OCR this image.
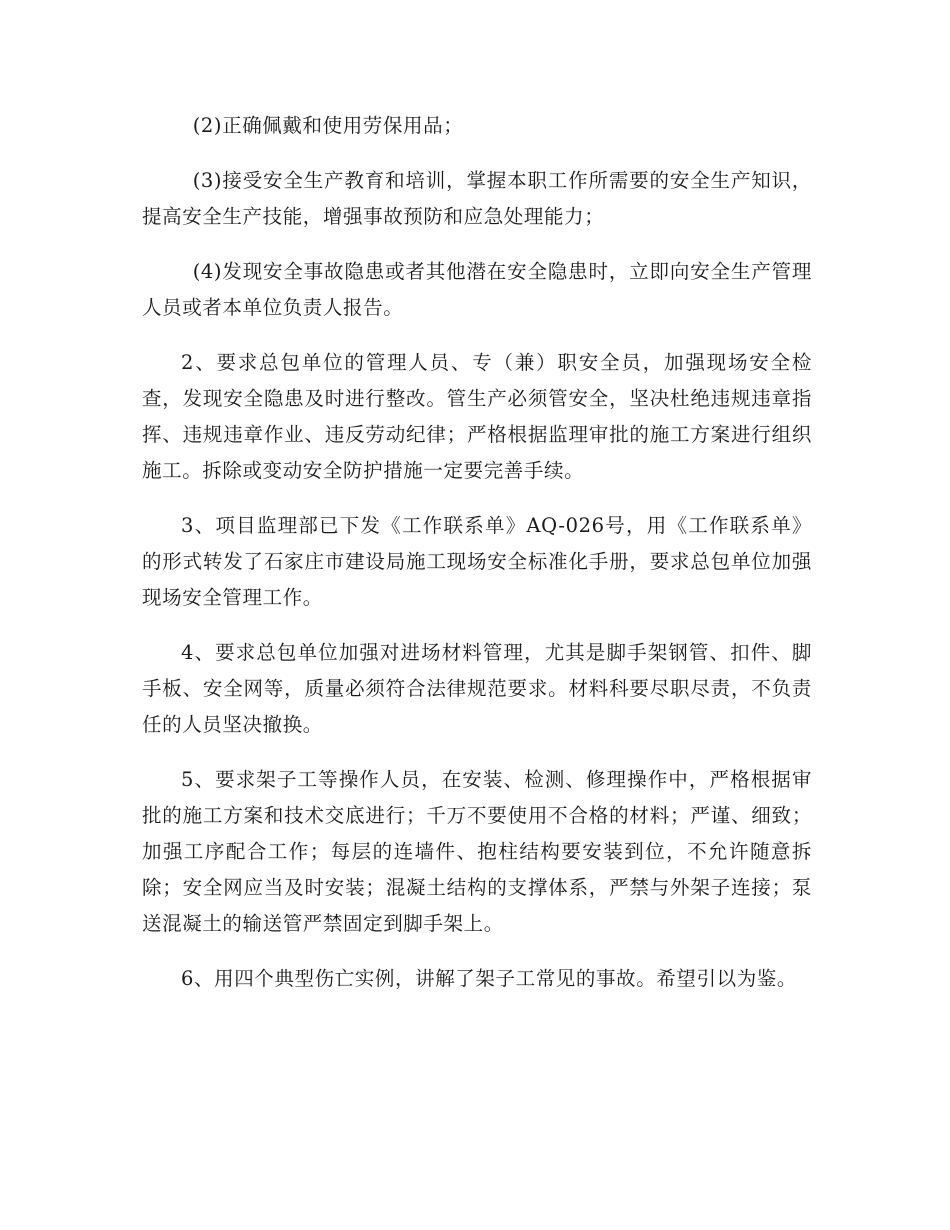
(2)正确佩戴和使用劳保用品；

(3)接受安全生产教育和培训，掌握本职工作所需要的安全生产知识，提高安全生产技能，增强事故预防和应急处理能力；

(4)发现安全事故隐患或者其他潜在安全隐患时，立即向安全生产管理人员或者本单位负责人报告。

2、要求总包单位的管理人员、专（兼）职安全员，加强现场安全检查，发现安全隐患及时进行整改。管生产必须管安全，坚决杜绝违规违章指挥、违规违章作业、违反劳动纪律；严格根据监理审批的施工方案进行组织施工。拆除或变动安全防护措施一定要完善手续。

3、项目监理部已下发《工作联系单》AQ-026号，用《工作联系单》的形式转发了石家庄市建设局施工现场安全标准化手册，要求总包单位加强现场安全管理工作。

4、要求总包单位加强对进场材料管理，尤其是脚手架钢管、扣件、脚手板、安全网等，质量必须符合法律规范要求。材料科要尽职尽责，不负责任的人员坚决撤换。

5、要求架子工等操作人员，在安装、检测、修理操作中，严格根据审批的施工方案和技术交底进行；千万不要使用不合格的材料；严谨、细致；加强工序配合工作；每层的连墙件、抱柱结构要安装到位，不允许随意拆除；安全网应当及时安装；混凝土结构的支撑体系，严禁与外架子连接；泵送混凝土的输送管严禁固定到脚手架上。

6、用四个典型伤亡实例，讲解了架子工常见的事故。希望引以为鉴。
